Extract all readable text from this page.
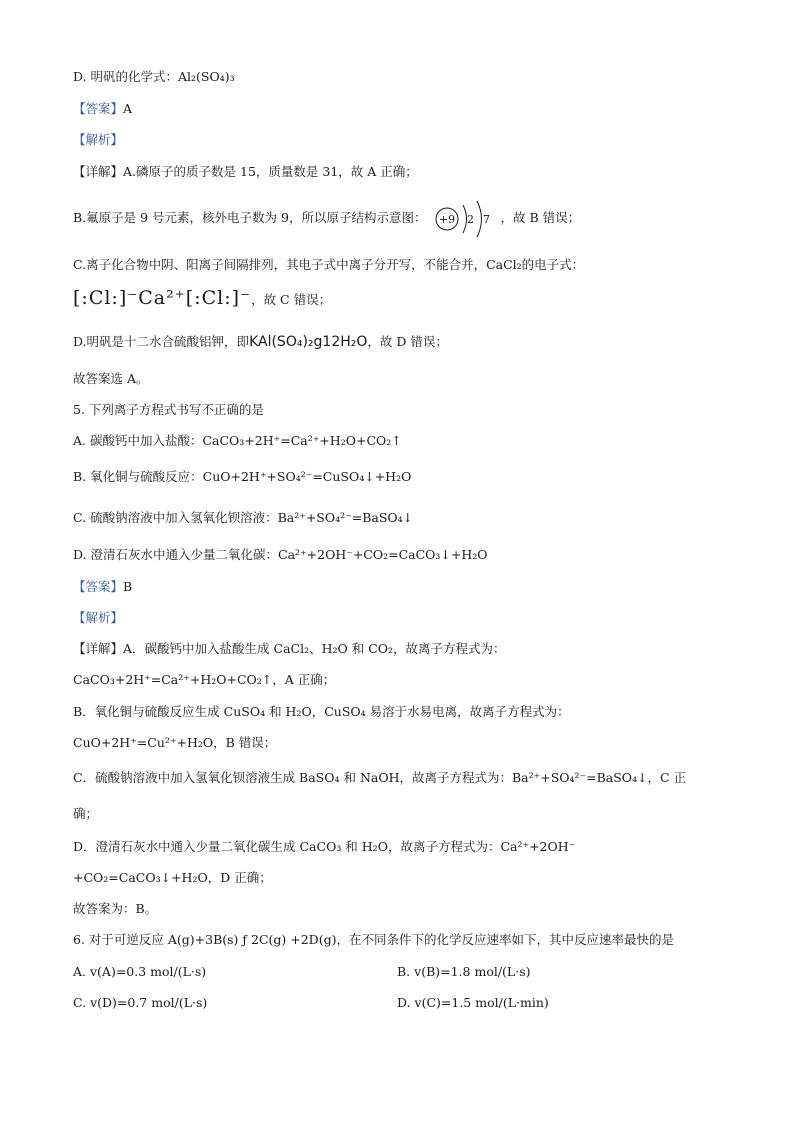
D. 明矾的化学式：Al₂(SO₄)₃
【答案】A
【解析】
【详解】A.磷原子的质子数是 15，质量数是 31，故 A 正确；
B.氟原子是 9 号元素，核外电子数为 9，所以原子结构示意图： +9 2 7 ，故 B 错误；
C.离子化合物中阴、阳离子间隔排列，其电子式中离子分开写，不能合并，CaCl₂的电子式：
[:Cl:]⁻Ca²⁺[:Cl:]⁻，故 C 错误；
D.明矾是十二水合硫酸铝钾，即KAl(SO₄)₂g12H₂O，故 D 错误；
故答案选 A。
5. 下列离子方程式书写不正确的是
A. 碳酸钙中加入盐酸：CaCO₃+2H⁺=Ca²⁺+H₂O+CO₂↑
B. 氧化铜与硫酸反应：CuO+2H⁺+SO₄²⁻=CuSO₄↓+H₂O
C. 硫酸钠溶液中加入氢氧化钡溶液：Ba²⁺+SO₄²⁻=BaSO₄↓
D. 澄清石灰水中通入少量二氧化碳：Ca²⁺+2OH⁻+CO₂=CaCO₃↓+H₂O
【答案】B
【解析】
【详解】A．碳酸钙中加入盐酸生成 CaCl₂、H₂O 和 CO₂，故离子方程式为：
CaCO₃+2H⁺=Ca²⁺+H₂O+CO₂↑，A 正确；
B．氧化铜与硫酸反应生成 CuSO₄ 和 H₂O，CuSO₄ 易溶于水易电离，故离子方程式为：
CuO+2H⁺=Cu²⁺+H₂O，B 错误；
C．硫酸钠溶液中加入氢氧化钡溶液生成 BaSO₄ 和 NaOH，故离子方程式为：Ba²⁺+SO₄²⁻=BaSO₄↓，C 正
确；
D．澄清石灰水中通入少量二氧化碳生成 CaCO₃ 和 H₂O，故离子方程式为：Ca²⁺+2OH⁻
+CO₂=CaCO₃↓+H₂O，D 正确；
故答案为：B。
6. 对于可逆反应 A(g)+3B(s) ƒ 2C(g) +2D(g)，在不同条件下的化学反应速率如下，其中反应速率最快的是
A. v(A)=0.3 mol/(L·s)	B. v(B)=1.8 mol/(L·s)
C. v(D)=0.7 mol/(L·s)	D. v(C)=1.5 mol/(L·min)
